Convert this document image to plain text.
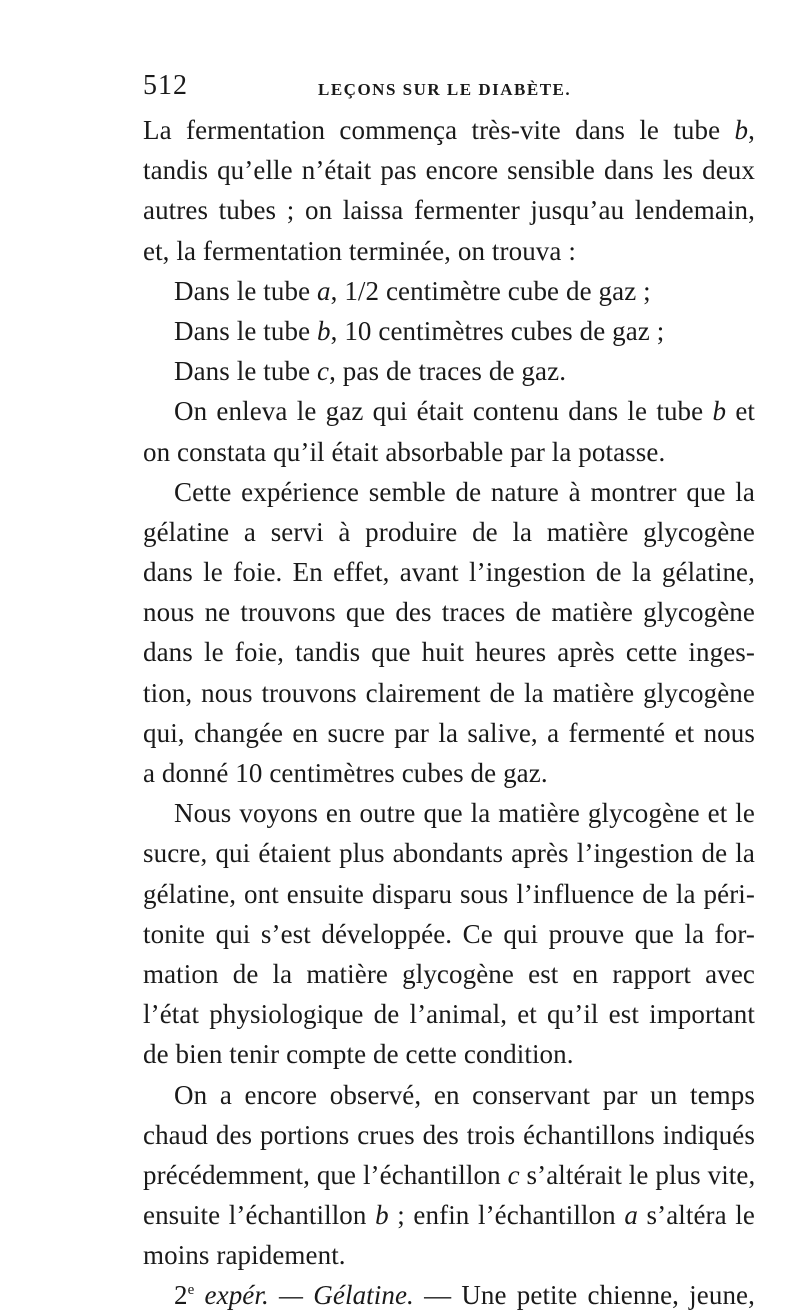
512	LEÇONS SUR LE DIABÈTE.
La fermentation commença très-vite dans le tube b,
tandis qu’elle n’était pas encore sensible dans les deux
autres tubes ; on laissa fermenter jusqu’au lendemain,
et, la fermentation terminée, on trouva :
Dans le tube a, 1/2 centimètre cube de gaz ;
Dans le tube b, 10 centimètres cubes de gaz ;
Dans le tube c, pas de traces de gaz.
On enleva le gaz qui était contenu dans le tube b et
on constata qu’il était absorbable par la potasse.
Cette expérience semble de nature à montrer que la
gélatine a servi à produire de la matière glycogène
dans le foie. En effet, avant l’ingestion de la gélatine,
nous ne trouvons que des traces de matière glycogène
dans le foie, tandis que huit heures après cette inges-
tion, nous trouvons clairement de la matière glycogène
qui, changée en sucre par la salive, a fermenté et nous
a donné 10 centimètres cubes de gaz.
Nous voyons en outre que la matière glycogène et le
sucre, qui étaient plus abondants après l’ingestion de la
gélatine, ont ensuite disparu sous l’influence de la péri-
tonite qui s’est développée. Ce qui prouve que la for-
mation de la matière glycogène est en rapport avec
l’état physiologique de l’animal, et qu’il est important
de bien tenir compte de cette condition.
On a encore observé, en conservant par un temps
chaud des portions crues des trois échantillons indiqués
précédemment, que l’échantillon c s’altérait le plus vite,
ensuite l’échantillon b ; enfin l’échantillon a s’altéra le
moins rapidement.
2e expér. — Gélatine. — Une petite chienne, jeune,
